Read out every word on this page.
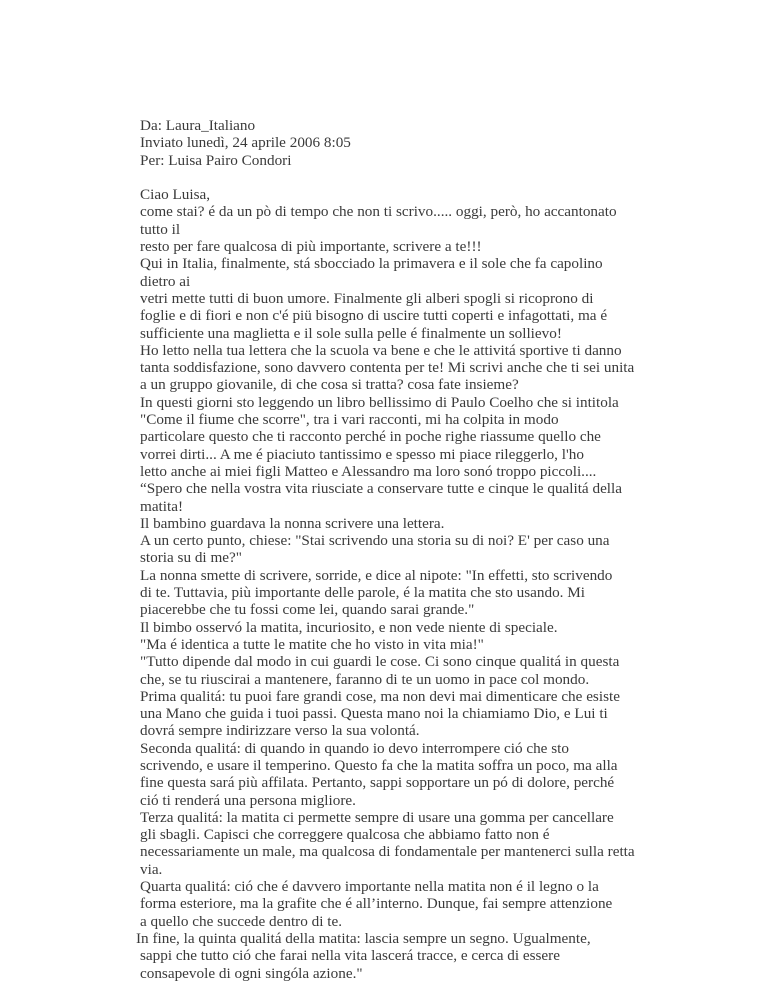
Da: Laura_Italiano
Inviato lunedì, 24 aprile 2006 8:05
Per: Luisa Pairo Condori
Ciao Luisa,
come stai? é da un pò di tempo che non ti scrivo..... oggi, però, ho accantonato
tutto il
resto per fare qualcosa di più importante, scrivere a te!!!
Qui in Italia, finalmente, stá sbocciado la primavera e il sole che fa capolino
dietro ai
vetri mette tutti di buon umore. Finalmente gli alberi spogli si ricoprono di
foglie e di fiori e non c'é piü bisogno di uscire tutti coperti e infagottati, ma é
sufficiente una maglietta e il sole sulla pelle é finalmente un sollievo!
Ho letto nella tua lettera che la scuola va bene e che le attivitá sportive ti danno
tanta soddisfazione, sono davvero contenta per te! Mi scrivi anche che ti sei unita
a un gruppo giovanile, di che cosa si tratta? cosa fate insieme?
In questi giorni sto leggendo un libro bellissimo di Paulo Coelho che si intitola
"Come il fiume che scorre", tra i vari racconti, mi ha colpita in modo
particolare questo che ti racconto perché in poche righe riassume quello che
vorrei dirti... A me é piaciuto tantissimo e spesso mi piace rileggerlo, l'ho
letto anche ai miei figli Matteo e Alessandro ma loro sonó troppo piccoli....
“Spero che nella vostra vita riusciate a conservare tutte e cinque le qualitá della
matita!
Il bambino guardava la nonna scrivere una lettera.
A un certo punto, chiese: "Stai scrivendo una storia su di noi? E' per caso una
storia su di me?"
La nonna smette di scrivere, sorride, e dice al nipote: "In effetti, sto scrivendo
di te. Tuttavia, più importante delle parole, é la matita che sto usando. Mi
piacerebbe che tu fossi come lei, quando sarai grande."
Il bimbo osservó la matita, incuriosito, e non vede niente di speciale.
"Ma é identica a tutte le matite che ho visto in vita mia!"
"Tutto dipende dal modo in cui guardi le cose. Ci sono cinque qualitá in questa
che, se tu riuscirai a mantenere, faranno di te un uomo in pace col mondo.
Prima qualitá: tu puoi fare grandi cose, ma non devi mai dimenticare che esiste
una Mano che guida i tuoi passi. Questa mano noi la chiamiamo Dio, e Lui ti
dovrá sempre indirizzare verso la sua volontá.
Seconda qualitá: di quando in quando io devo interrompere ció che sto
scrivendo, e usare il temperino. Questo fa che la matita soffra un poco, ma alla
fine questa sará più affilata. Pertanto, sappi sopportare un pó di dolore, perché
ció ti renderá una persona migliore.
Terza qualitá: la matita ci permette sempre di usare una gomma per cancellare
gli sbagli. Capisci che correggere qualcosa che abbiamo fatto non é
necessariamente un male, ma qualcosa di fondamentale per mantenerci sulla retta
via.
Quarta qualitá: ció che é davvero importante nella matita non é il legno o la
forma esteriore, ma la grafite che é all’interno. Dunque, fai sempre attenzione
a quello che succede dentro di te.
In fine, la quinta qualitá della matita: lascia sempre un segno. Ugualmente,
sappi che tutto ció che farai nella vita lascerá tracce, e cerca di essere
consapevole di ogni singóla azione."
